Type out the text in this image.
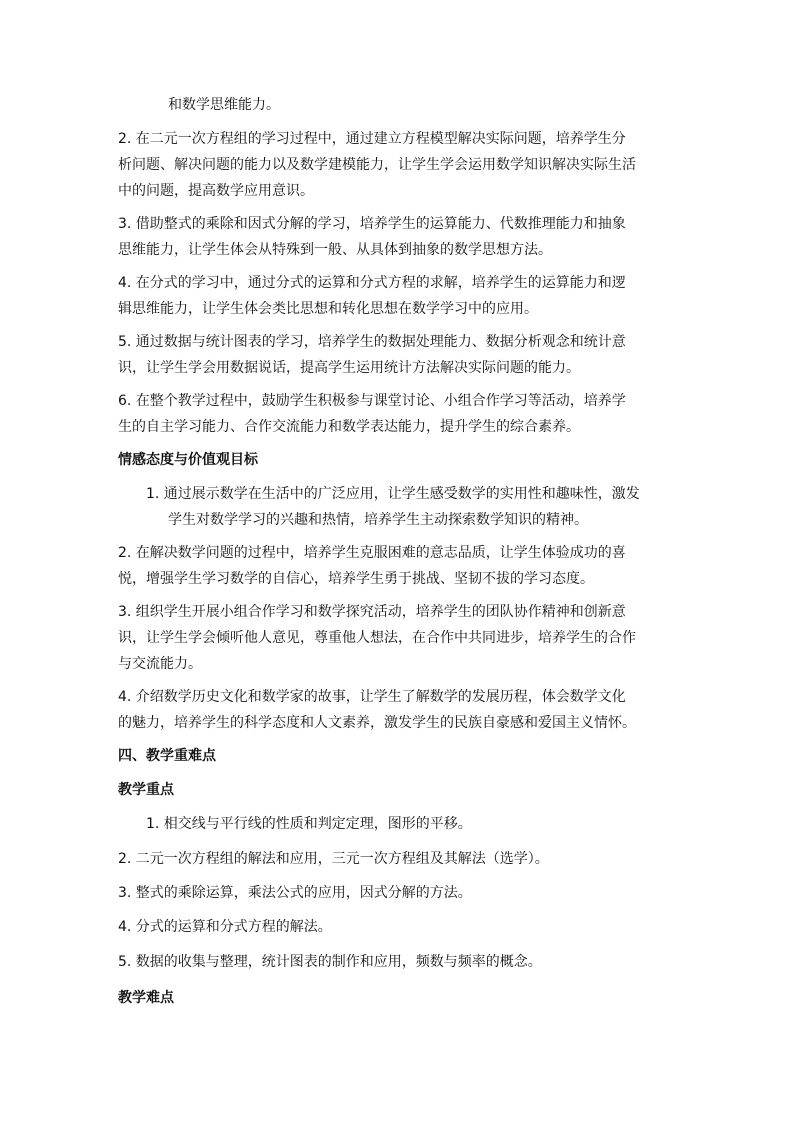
和数学思维能力。
2. 在二元一次方程组的学习过程中，通过建立方程模型解决实际问题，培养学生分
析问题、解决问题的能力以及数学建模能力，让学生学会运用数学知识解决实际生活
中的问题，提高数学应用意识。
3. 借助整式的乘除和因式分解的学习，培养学生的运算能力、代数推理能力和抽象
思维能力，让学生体会从特殊到一般、从具体到抽象的数学思想方法。
4. 在分式的学习中，通过分式的运算和分式方程的求解，培养学生的运算能力和逻
辑思维能力，让学生体会类比思想和转化思想在数学学习中的应用。
5. 通过数据与统计图表的学习，培养学生的数据处理能力、数据分析观念和统计意
识，让学生学会用数据说话，提高学生运用统计方法解决实际问题的能力。
6. 在整个教学过程中，鼓励学生积极参与课堂讨论、小组合作学习等活动，培养学
生的自主学习能力、合作交流能力和数学表达能力，提升学生的综合素养。
情感态度与价值观目标
1. 通过展示数学在生活中的广泛应用，让学生感受数学的实用性和趣味性，激发
学生对数学学习的兴趣和热情，培养学生主动探索数学知识的精神。
2. 在解决数学问题的过程中，培养学生克服困难的意志品质，让学生体验成功的喜
悦，增强学生学习数学的自信心，培养学生勇于挑战、坚韧不拔的学习态度。
3. 组织学生开展小组合作学习和数学探究活动，培养学生的团队协作精神和创新意
识，让学生学会倾听他人意见，尊重他人想法，在合作中共同进步，培养学生的合作
与交流能力。
4. 介绍数学历史文化和数学家的故事，让学生了解数学的发展历程，体会数学文化
的魅力，培养学生的科学态度和人文素养，激发学生的民族自豪感和爱国主义情怀。
四、教学重难点
教学重点
1. 相交线与平行线的性质和判定定理，图形的平移。
2. 二元一次方程组的解法和应用，三元一次方程组及其解法（选学）。
3. 整式的乘除运算，乘法公式的应用，因式分解的方法。
4. 分式的运算和分式方程的解法。
5. 数据的收集与整理，统计图表的制作和应用，频数与频率的概念。
教学难点
